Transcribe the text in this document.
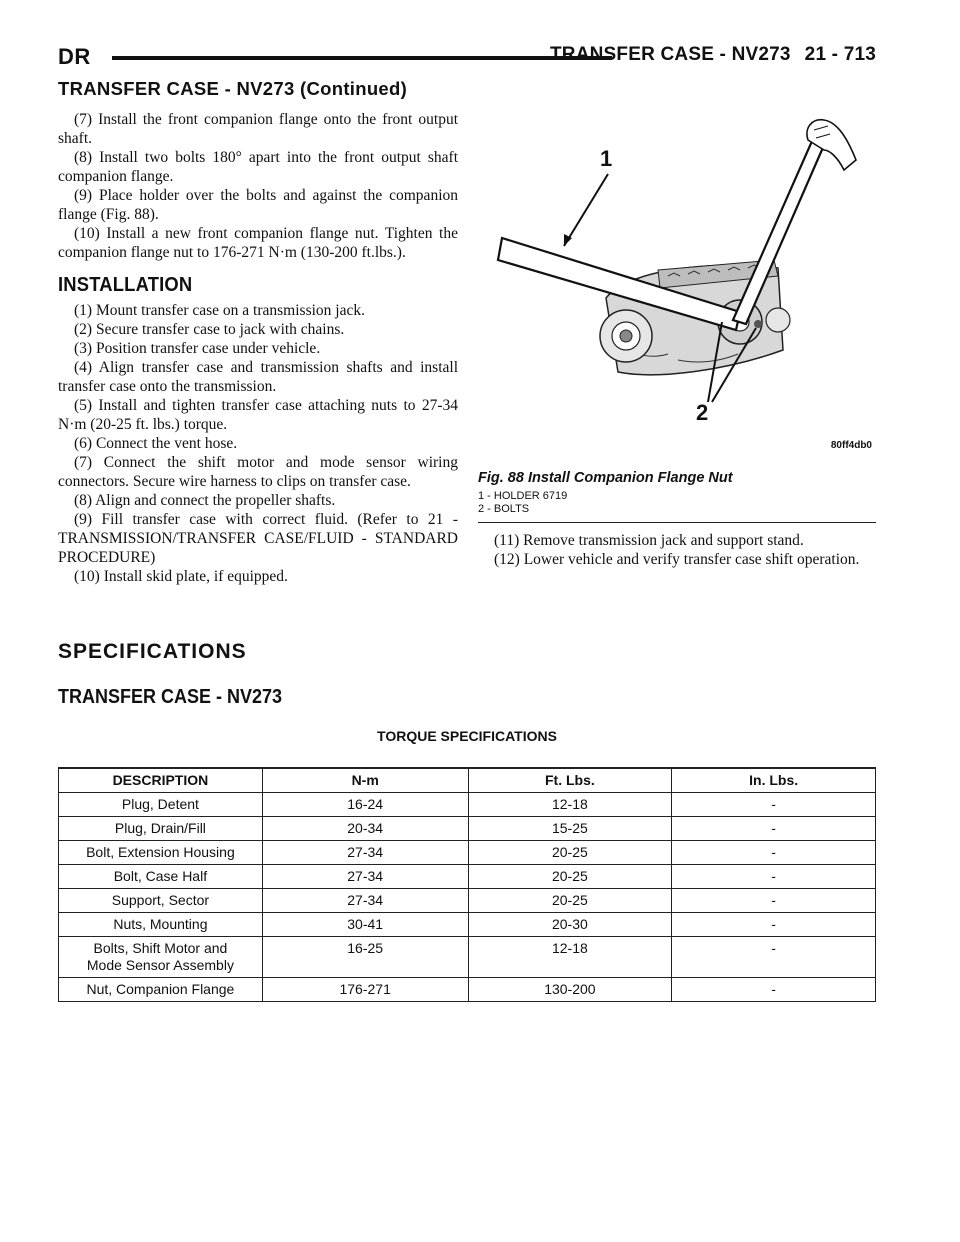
DR	TRANSFER CASE - NV273 21 - 713
TRANSFER CASE - NV273 (Continued)

(7) Install the front companion flange onto the front output shaft.

(8) Install two bolts 180° apart into the front output shaft companion flange.

(9) Place holder over the bolts and against the companion flange (Fig. 88).

(10) Install a new front companion flange nut. Tighten the companion flange nut to 176-271 N·m (130-200 ft.lbs.).

INSTALLATION

(1) Mount transfer case on a transmission jack.

(2) Secure transfer case to jack with chains.

(3) Position transfer case under vehicle.

(4) Align transfer case and transmission shafts and install transfer case onto the transmission.

(5) Install and tighten transfer case attaching nuts to 27-34 N·m (20-25 ft. lbs.) torque.

(6) Connect the vent hose.

(7) Connect the shift motor and mode sensor wiring connectors. Secure wire harness to clips on transfer case.

(8) Align and connect the propeller shafts.

(9) Fill transfer case with correct fluid. (Refer to 21 - TRANSMISSION/TRANSFER CASE/FLUID - STANDARD PROCEDURE)

(10) Install skid plate, if equipped.

1
2
80ff4db0
Fig. 88 Install Companion Flange Nut
1 - HOLDER 6719
2 - BOLTS

(11) Remove transmission jack and support stand.

(12) Lower vehicle and verify transfer case shift operation.

SPECIFICATIONS
TRANSFER CASE - NV273
TORQUE SPECIFICATIONS
DESCRIPTION	N-m	Ft. Lbs.	In. Lbs.
Plug, Detent	16-24	12-18	-
Plug, Drain/Fill	20-34	15-25	-
Bolt, Extension Housing	27-34	20-25	-
Bolt, Case Half	27-34	20-25	-
Support, Sector	27-34	20-25	-
Nuts, Mounting	30-41	20-30	-
Bolts, Shift Motor and
Mode Sensor Assembly	16-25	12-18	-
Nut, Companion Flange	176-271	130-200	-
